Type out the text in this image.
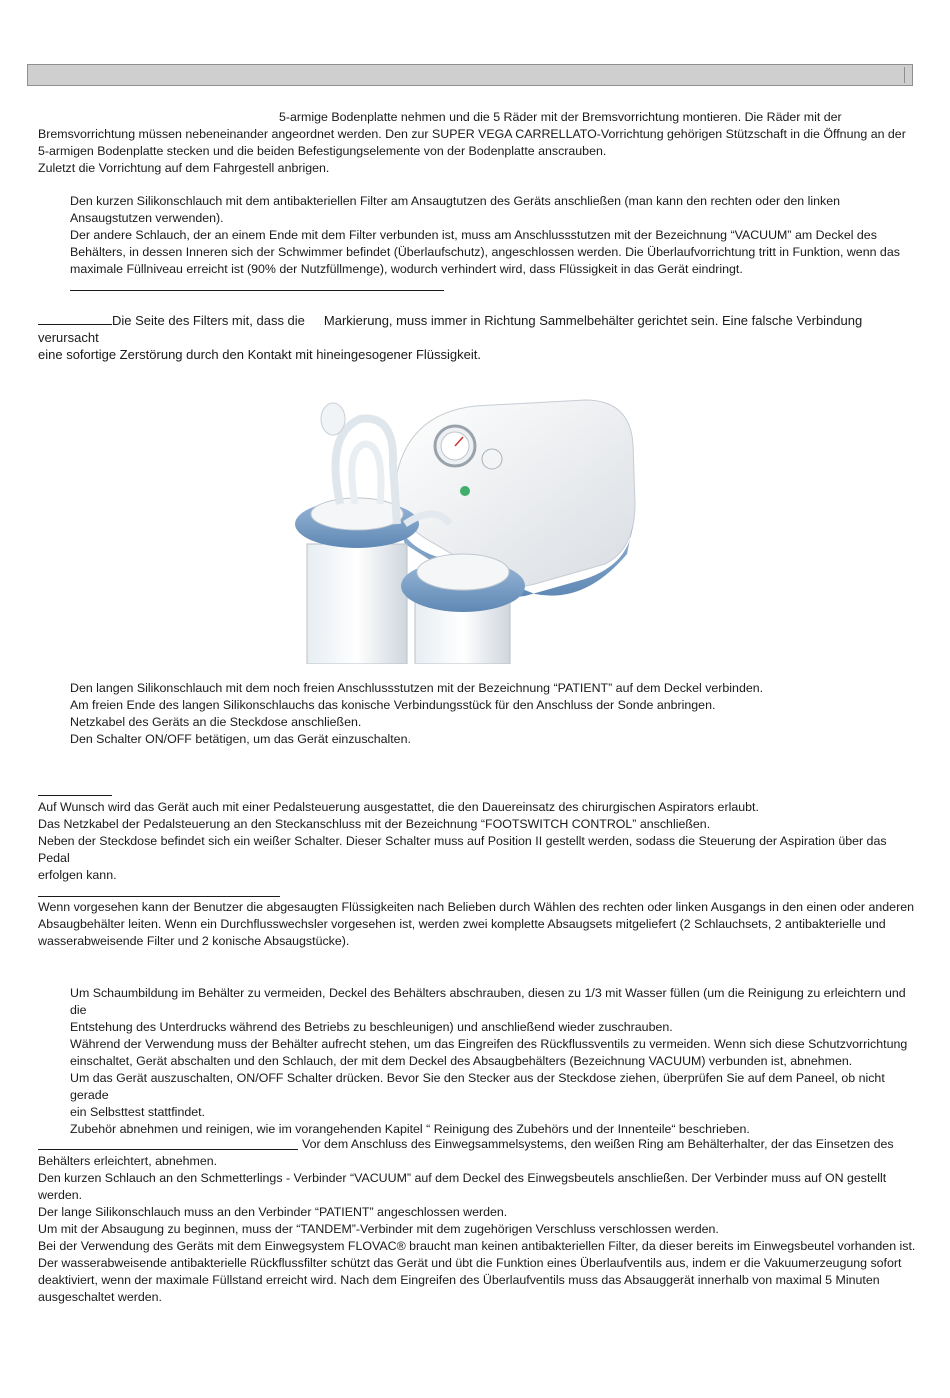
5-armige Bodenplatte nehmen und die 5 Räder mit der Bremsvorrichtung montieren. Die Räder mit der

Bremsvorrichtung müssen nebeneinander angeordnet werden. Den zur SUPER VEGA CARRELLATO-Vorrichtung gehörigen Stützschaft in die Öffnung an der

5-armigen Bodenplatte stecken und die beiden Befestigungselemente von der Bodenplatte anscrauben.

Zuletzt die Vorrichtung auf dem Fahrgestell anbrigen.

Den kurzen Silikonschlauch mit dem antibakteriellen Filter am Ansaugtutzen des Geräts anschließen (man kann den rechten oder den linken

Ansaugstutzen verwenden).

Der andere Schlauch, der an einem Ende mit dem Filter verbunden ist, muss am Anschlussstutzen mit der Bezeichnung “VACUUM” am Deckel des

Behälters, in dessen Inneren sich der Schwimmer befindet (Überlaufschutz), angeschlossen werden. Die Überlaufvorrichtung tritt in Funktion, wenn das

maximale Füllniveau erreicht ist (90% der Nutzfüllmenge), wodurch verhindert wird, dass Flüssigkeit in das Gerät eindringt.

Die Seite des Filters mit, dass die Markierung, muss immer in Richtung Sammelbehälter gerichtet sein. Eine falsche Verbindung verursacht

eine sofortige Zerstörung durch den Kontakt mit hineingesogener Flüssigkeit.

Den langen Silikonschlauch mit dem noch freien Anschlussstutzen mit der Bezeichnung “PATIENT” auf dem Deckel verbinden.

Am freien Ende des langen Silikonschlauchs das konische Verbindungsstück für den Anschluss der Sonde anbringen.

Netzkabel des Geräts an die Steckdose anschließen.

Den Schalter ON/OFF betätigen, um das Gerät einzuschalten.

Auf Wunsch wird das Gerät auch mit einer Pedalsteuerung ausgestattet, die den Dauereinsatz des chirurgischen Aspirators erlaubt.

Das Netzkabel der Pedalsteuerung an den Steckanschluss mit der Bezeichnung “FOOTSWITCH CONTROL” anschließen.

Neben der Steckdose befindet sich ein weißer Schalter. Dieser Schalter muss auf Position II gestellt werden, sodass die Steuerung der Aspiration über das Pedal

erfolgen kann.

Wenn vorgesehen kann der Benutzer die abgesaugten Flüssigkeiten nach Belieben durch Wählen des rechten oder linken Ausgangs in den einen oder anderen

Absaugbehälter leiten. Wenn ein Durchflusswechsler vorgesehen ist, werden zwei komplette Absaugsets mitgeliefert (2 Schlauchsets, 2 antibakterielle und

wasserabweisende Filter und 2 konische Absaugstücke).

Um Schaumbildung im Behälter zu vermeiden, Deckel des Behälters abschrauben, diesen zu 1/3 mit Wasser füllen (um die Reinigung zu erleichtern und die

Entstehung des Unterdrucks während des Betriebs zu beschleunigen) und anschließend wieder zuschrauben.

Während der Verwendung muss der Behälter aufrecht stehen, um das Eingreifen des Rückflussventils zu vermeiden. Wenn sich diese Schutzvorrichtung

einschaltet, Gerät abschalten und den Schlauch, der mit dem Deckel des Absaugbehälters (Bezeichnung VACUUM) verbunden ist, abnehmen.

Um das Gerät auszuschalten, ON/OFF Schalter drücken. Bevor Sie den Stecker aus der Steckdose ziehen, überprüfen Sie auf dem Paneel, ob nicht gerade

ein Selbsttest stattfindet.

Zubehör abnehmen und reinigen, wie im vorangehenden Kapitel “ Reinigung des Zubehörs und der Innenteile“ beschrieben.

Vor dem Anschluss des Einwegsammelsystems, den weißen Ring am Behälterhalter, der das Einsetzen des

Behälters erleichtert, abnehmen.

Den kurzen Schlauch an den Schmetterlings - Verbinder “VACUUM” auf dem Deckel des Einwegsbeutels anschließen. Der Verbinder muss auf ON gestellt werden.

Der lange Silikonschlauch muss an den Verbinder “PATIENT” angeschlossen werden.

Um mit der Absaugung zu beginnen, muss der “TANDEM”-Verbinder mit dem zugehörigen Verschluss verschlossen werden.

Bei der Verwendung des Geräts mit dem Einwegsystem FLOVAC® braucht man keinen antibakteriellen Filter, da dieser bereits im Einwegsbeutel vorhanden ist.

Der wasserabweisende antibakterielle Rückflussfilter schützt das Gerät und übt die Funktion eines Überlaufventils aus, indem er die Vakuumerzeugung sofort

deaktiviert, wenn der maximale Füllstand erreicht wird. Nach dem Eingreifen des Überlaufventils muss das Absauggerät innerhalb von maximal 5 Minuten

ausgeschaltet werden.
